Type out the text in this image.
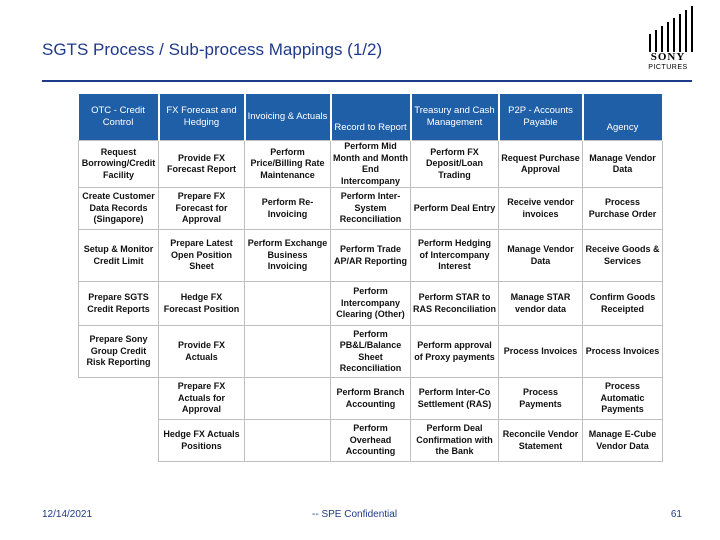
SGTS Process / Sub-process Mappings (1/2)	SONY
PICTURES
OTC - Credit Control	FX Forecast and Hedging	Invoicing & Actuals	Record to Report	Treasury and Cash Management	P2P - Accounts Payable	Agency
Request Borrowing/Credit Facility	Provide FX Forecast Report	Perform Price/Billing Rate Maintenance	Perform Mid Month and Month End Intercompany	Perform FX Deposit/Loan Trading	Request Purchase Approval	Manage Vendor Data
Create Customer Data Records (Singapore)	Prepare FX Forecast for Approval	Perform Re-Invoicing	Perform Inter-System Reconciliation	Perform Deal Entry	Receive vendor invoices	Process Purchase Order
Setup & Monitor Credit Limit	Prepare Latest Open Position Sheet	Perform Exchange Business Invoicing	Perform Trade AP/AR Reporting	Perform Hedging of Intercompany Interest	Manage Vendor Data	Receive Goods & Services
Prepare SGTS Credit Reports	Hedge FX Forecast Position		Perform Intercompany Clearing (Other)	Perform STAR to RAS Reconciliation	Manage STAR vendor data	Confirm Goods Receipted
Prepare Sony Group Credit Risk Reporting	Provide FX Actuals		Perform PB&L/Balance Sheet Reconciliation	Perform approval of Proxy payments	Process Invoices	Process Invoices
	Prepare FX Actuals for Approval		Perform Branch Accounting	Perform Inter-Co Settlement (RAS)	Process Payments	Process Automatic Payments
	Hedge FX Actuals Positions		Perform Overhead Accounting	Perform Deal Confirmation with the Bank	Reconcile Vendor Statement	Manage E-Cube Vendor Data
12/14/2021	-- SPE Confidential	61
